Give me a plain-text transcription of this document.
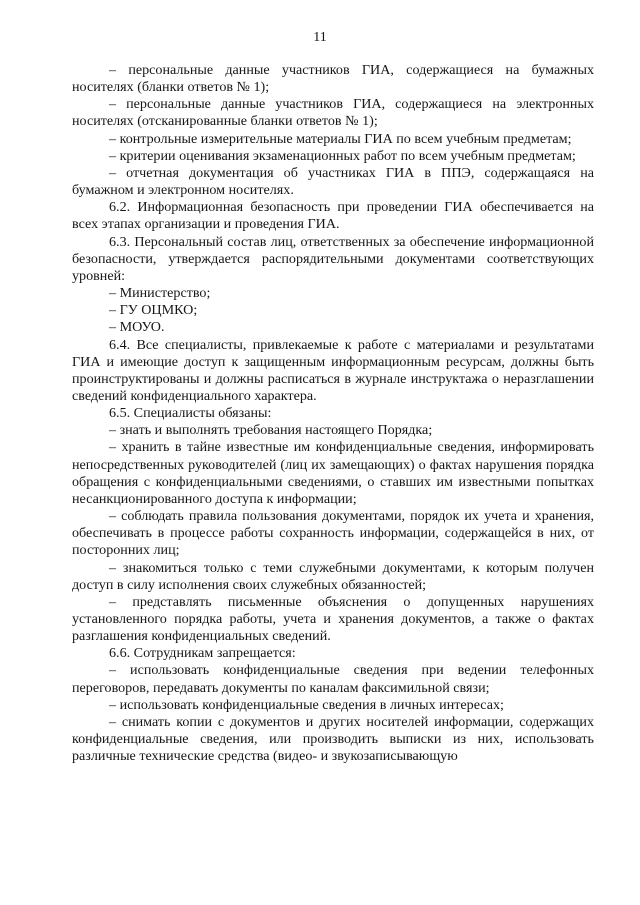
11

– персональные данные участников ГИА, содержащиеся на бумажных носителях (бланки ответов № 1);

– персональные данные участников ГИА, содержащиеся на электронных носителях (отсканированные бланки ответов № 1);

– контрольные измерительные материалы ГИА по всем учебным предметам;

– критерии оценивания экзаменационных работ по всем учебным предметам;

– отчетная документация об участниках ГИА в ППЭ, содержащаяся на бумажном и электронном носителях.

6.2. Информационная безопасность при проведении ГИА обеспечивается на всех этапах организации и проведения ГИА.

6.3. Персональный состав лиц, ответственных за обеспечение информационной безопасности, утверждается распорядительными документами соответствующих уровней:

– Министерство;

– ГУ ОЦМКО;

– МОУО.

6.4. Все специалисты, привлекаемые к работе с материалами и результатами ГИА и имеющие доступ к защищенным информационным ресурсам, должны быть проинструктированы и должны расписаться в журнале инструктажа о неразглашении сведений конфиденциального характера.

6.5. Специалисты обязаны:

– знать и выполнять требования настоящего Порядка;

– хранить в тайне известные им конфиденциальные сведения, информировать непосредственных руководителей (лиц их замещающих) о фактах нарушения порядка обращения с конфиденциальными сведениями, о ставших им известными попытках несанкционированного доступа к информации;

– соблюдать правила пользования документами, порядок их учета и хранения, обеспечивать в процессе работы сохранность информации, содержащейся в них, от посторонних лиц;

– знакомиться только с теми служебными документами, к которым получен доступ в силу исполнения своих служебных обязанностей;

– представлять письменные объяснения о допущенных нарушениях установленного порядка работы, учета и хранения документов, а также о фактах разглашения конфиденциальных сведений.

6.6. Сотрудникам запрещается:

– использовать конфиденциальные сведения при ведении телефонных переговоров, передавать документы по каналам факсимильной связи;

– использовать конфиденциальные сведения в личных интересах;

– снимать копии с документов и других носителей информации, содержащих конфиденциальные сведения, или производить выписки из них, использовать различные технические средства (видео- и звукозаписывающую
